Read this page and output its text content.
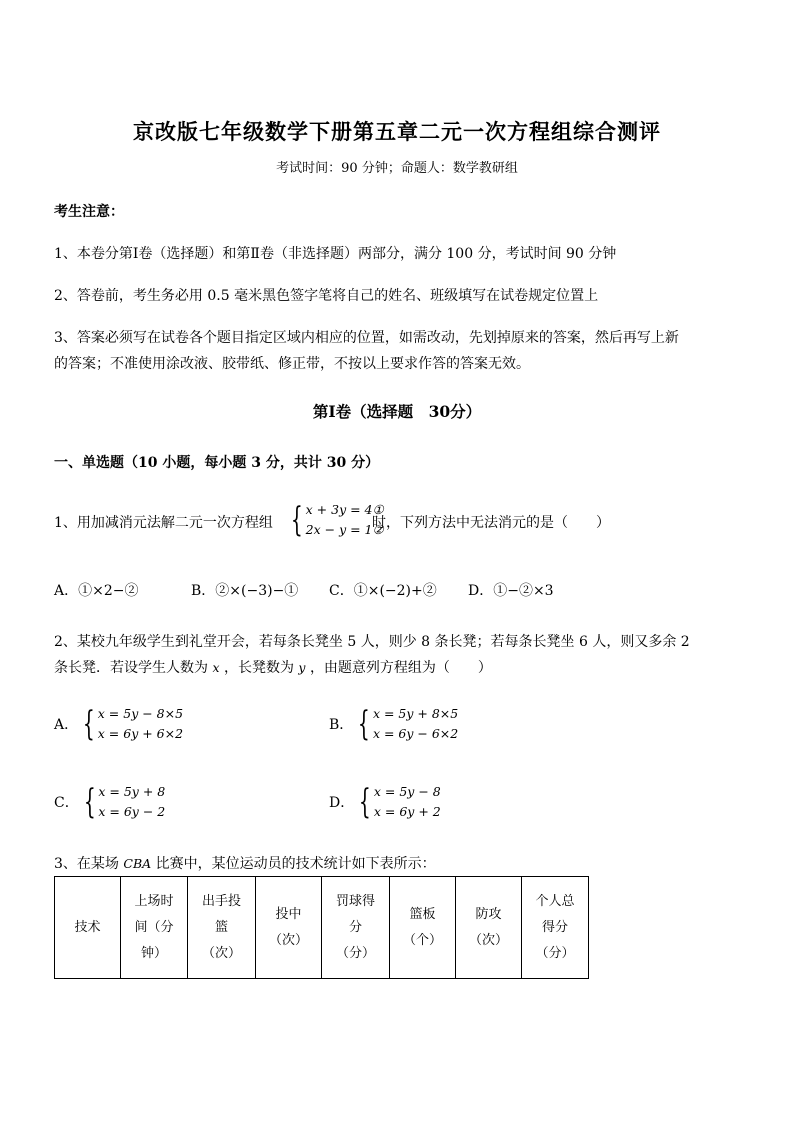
京改版七年级数学下册第五章二元一次方程组综合测评
考试时间：90 分钟；命题人：数学教研组
考生注意：
1、本卷分第Ⅰ卷（选择题）和第Ⅱ卷（非选择题）两部分，满分 100 分，考试时间 90 分钟
2、答卷前，考生务必用 0.5 毫米黑色签字笔将自己的姓名、班级填写在试卷规定位置上
3、答案必须写在试卷各个题目指定区域内相应的位置，如需改动，先划掉原来的答案，然后再写上新
的答案；不准使用涂改液、胶带纸、修正带，不按以上要求作答的答案无效。
第Ⅰ卷（选择题　30分）
一、单选题（10 小题，每小题 3 分，共计 30 分）
1、用加减消元法解二元一次方程组 { x + 3y = 4①
2x − y = 1②
时，下列方法中无法消元的是（　　）
A．①×2−②	B．②×(−3)−① C．①×(−2)+② D．①−②×3
2、某校九年级学生到礼堂开会，若每条长凳坐 5 人，则少 8 条长凳；若每条长凳坐 6 人，则又多余 2
条长凳．若设学生人数为 x ，长凳数为 y ，由题意列方程组为（　　）
A． { x = 5y − 8×5
x = 6y + 6×2
B． { x = 5y + 8×5
x = 6y − 6×2
C． { x = 5y + 8
x = 6y − 2
D． { x = 5y − 8
x = 6y + 2
3、在某场 CBA 比赛中，某位运动员的技术统计如下表所示：
技术

上场时
间（分
钟）

出手投
篮
（次）

投中
（次）

罚球得
分
（分）

篮板
（个）

防攻
（次）

个人总
得分
（分）
